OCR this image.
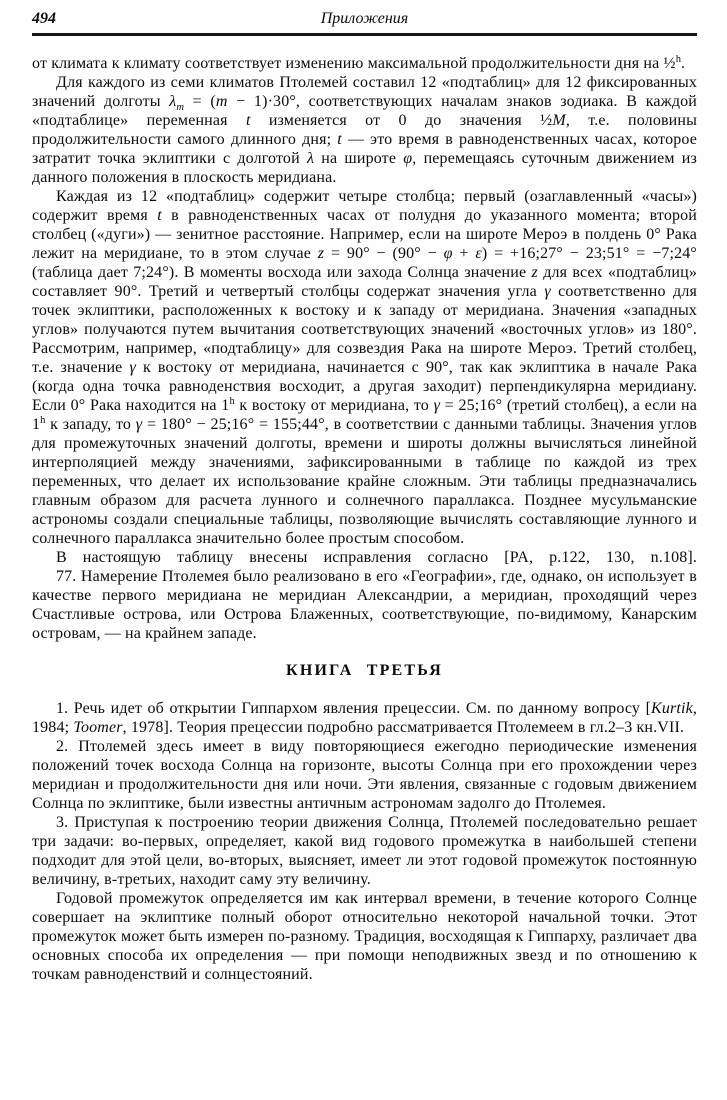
494	Приложения

от климата к климату соответствует изменению максимальной продолжительности дня на ½$^h$.

Для каждого из семи климатов Птолемей составил 12 «подтаблиц» для 12 фиксированных значений долготы $\lambda_m = (m - 1)\cdot 30^\circ$, соответствующих началам знаков зодиака. В каждой «подтаблице» переменная t изменяется от 0 до значения ½M, т.е. половины продолжительности самого длинного дня; t — это время в равноденственных часах, которое затратит точка эклиптики с долготой λ на широте φ, перемещаясь суточным движением из данного положения в плоскость меридиана.

Каждая из 12 «подтаблиц» содержит четыре столбца; первый (озаглавленный «часы») содержит время t в равноденственных часах от полудня до указанного момента; второй столбец («дуги») — зенитное расстояние. Например, если на широте Мероэ в полдень 0° Рака лежит на меридиане, то в этом случае z = 90° − (90° − φ + ε) = +16;27° − 23;51° = −7;24° (таблица дает 7;24°). В моменты восхода или захода Солнца значение z для всех «подтаблиц» составляет 90°. Третий и четвертый столбцы содержат значения угла γ соответственно для точек эклиптики, расположенных к востоку и к западу от меридиана. Значения «западных углов» получаются путем вычитания соответствующих значений «восточных углов» из 180°. Рассмотрим, например, «подтаблицу» для созвездия Рака на широте Мероэ. Третий столбец, т.е. значение γ к востоку от меридиана, начинается с 90°, так как эклиптика в начале Рака (когда одна точка равноденствия восходит, а другая заходит) перпендикулярна меридиану. Если 0° Рака находится на 1$^h$ к востоку от меридиана, то γ = 25;16° (третий столбец), а если на 1$^h$ к западу, то γ = 180° − 25;16° = 155;44°, в соответствии с данными таблицы. Значения углов для промежуточных значений долготы, времени и широты должны вычисляться линейной интерполяцией между значениями, зафиксированными в таблице по каждой из трех переменных, что делает их использование крайне сложным. Эти таблицы предназначались главным образом для расчета лунного и солнечного параллакса. Позднее мусульманские астрономы создали специальные таблицы, позволяющие вычислять составляющие лунного и солнечного параллакса значительно более простым способом.

В настоящую таблицу внесены исправления согласно [PA, p.122, 130, n.108].

77. Намерение Птолемея было реализовано в его «Географии», где, однако, он использует в качестве первого меридиана не меридиан Александрии, а меридиан, проходящий через Счастливые острова, или Острова Блаженных, соответствующие, по-видимому, Канарским островам, — на крайнем западе.

КНИГА ТРЕТЬЯ

1. Речь идет об открытии Гиппархом явления прецессии. См. по данному вопросу [Kurtik, 1984; Toomer, 1978]. Теория прецессии подробно рассматривается Птолемеем в гл.2–3 кн.VII.

2. Птолемей здесь имеет в виду повторяющиеся ежегодно периодические изменения положений точек восхода Солнца на горизонте, высоты Солнца при его прохождении через меридиан и продолжительности дня или ночи. Эти явления, связанные с годовым движением Солнца по эклиптике, были известны античным астрономам задолго до Птолемея.

3. Приступая к построению теории движения Солнца, Птолемей последовательно решает три задачи: во-первых, определяет, какой вид годового промежутка в наибольшей степени подходит для этой цели, во-вторых, выясняет, имеет ли этот годовой промежуток постоянную величину, в-третьих, находит саму эту величину.

Годовой промежуток определяется им как интервал времени, в течение которого Солнце совершает на эклиптике полный оборот относительно некоторой начальной точки. Этот промежуток может быть измерен по-разному. Традиция, восходящая к Гиппарху, различает два основных способа их определения — при помощи неподвижных звезд и по отношению к точкам равноденствий и солнцестояний.
